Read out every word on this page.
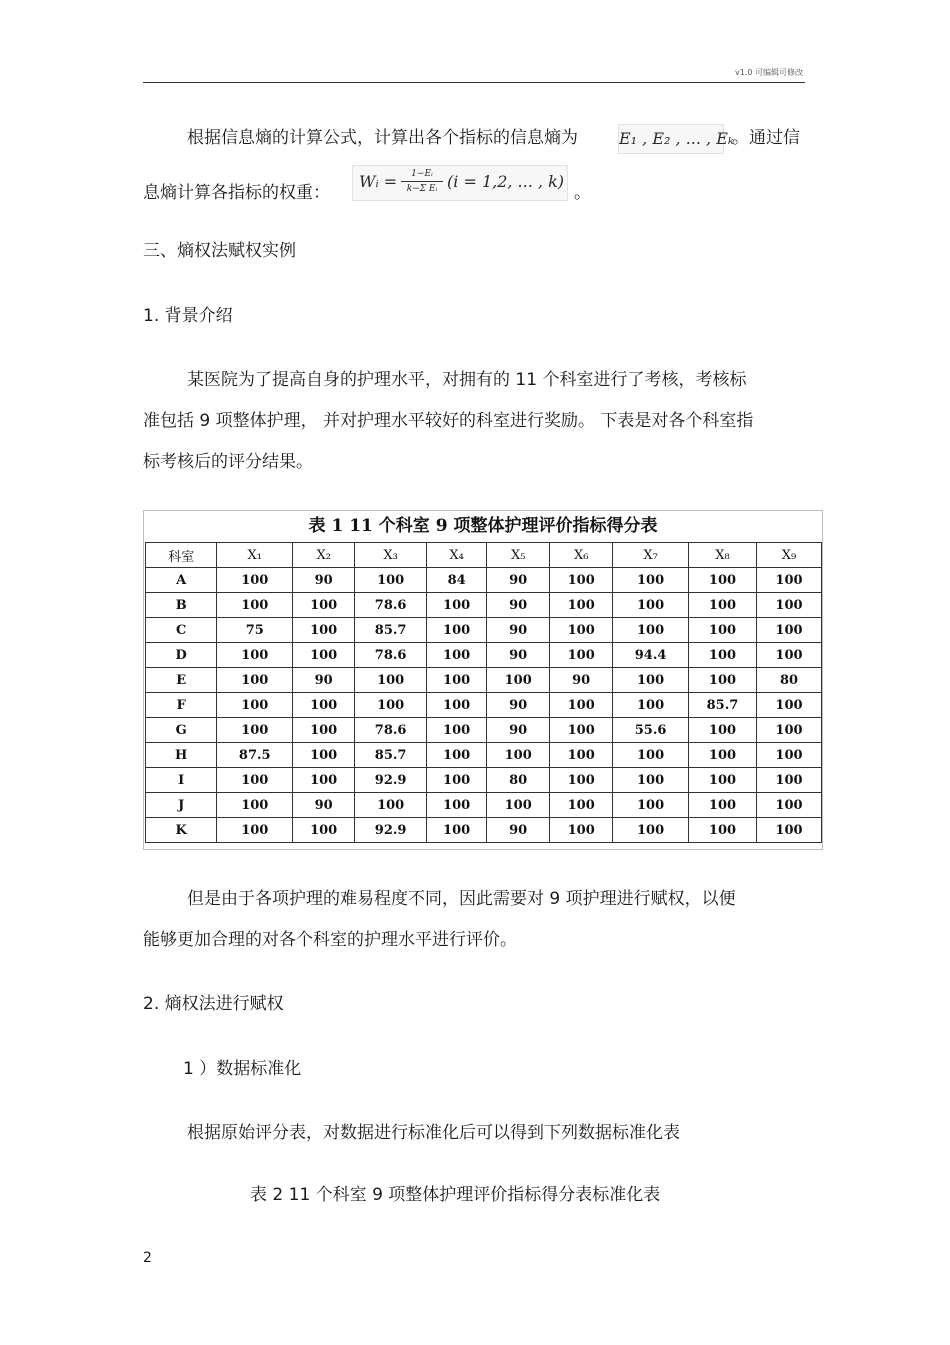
v1.0 可编辑可修改
根据信息熵的计算公式，计算出各个指标的信息熵为	E₁ , E₂ , ... , Eₖ
。通过信
息熵计算各指标的权重：
Wᵢ = $\frac{\text{1−Eᵢ}}{\text{k−Σ Eᵢ}} (i = 1,2$, ... , k)
。
三、熵权法赋权实例
1. 背景介绍
某医院为了提高自身的护理水平，对拥有的 11 个科室进行了考核，考核标
准包括 9 项整体护理， 并对护理水平较好的科室进行奖励。 下表是对各个科室指
标考核后的评分结果。
表 1 11 个科室 9 项整体护理评价指标得分表
科室	X₁	X₂	X₃	X₄	X₅	X₆	X₇	X₈	X₉
A	100	90	100	84	90	100	100	100	100
B	100	100	78.6	100	90	100	100	100	100
C	75	100	85.7	100	90	100	100	100	100
D	100	100	78.6	100	90	100	94.4	100	100
E	100	90	100	100	100	90	100	100	80
F	100	100	100	100	90	100	100	85.7	100
G	100	100	78.6	100	90	100	55.6	100	100
H	87.5	100	85.7	100	100	100	100	100	100
I	100	100	92.9	100	80	100	100	100	100
J	100	90	100	100	100	100	100	100	100
K	100	100	92.9	100	90	100	100	100	100
但是由于各项护理的难易程度不同，因此需要对 9 项护理进行赋权，以便
能够更加合理的对各个科室的护理水平进行评价。
2. 熵权法进行赋权
1 ）数据标准化
根据原始评分表，对数据进行标准化后可以得到下列数据标准化表
表 2 11 个科室 9 项整体护理评价指标得分表标准化表
2
